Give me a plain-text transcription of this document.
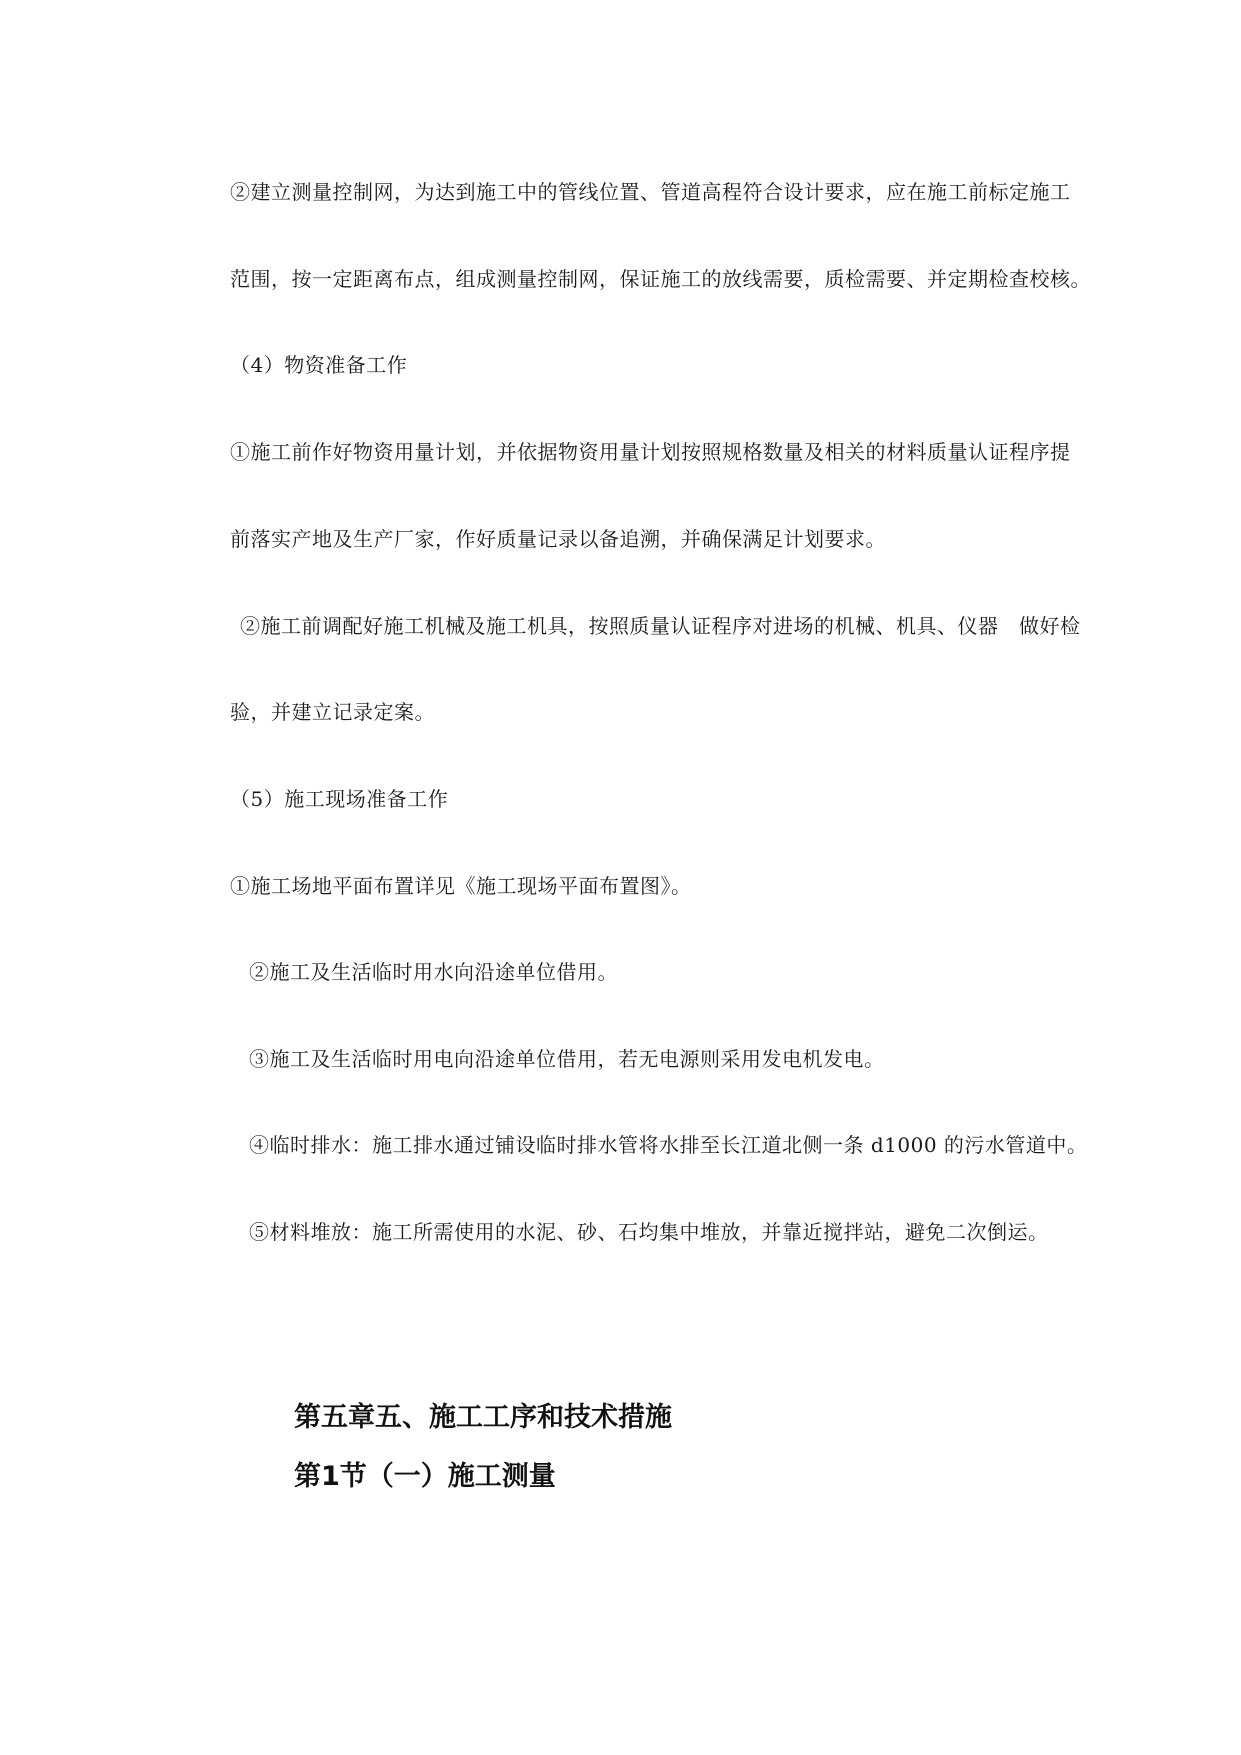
②建立测量控制网，为达到施工中的管线位置、管道高程符合设计要求，应在施工前标定施工
范围，按一定距离布点，组成测量控制网，保证施工的放线需要，质检需要、并定期检查校核。
（4）物资准备工作
①施工前作好物资用量计划，并依据物资用量计划按照规格数量及相关的材料质量认证程序提
前落实产地及生产厂家，作好质量记录以备追溯，并确保满足计划要求。
②施工前调配好施工机械及施工机具，按照质量认证程序对进场的机械、机具、仪器　做好检
验，并建立记录定案。
（5）施工现场准备工作
①施工场地平面布置详见《施工现场平面布置图》。
②施工及生活临时用水向沿途单位借用。
③施工及生活临时用电向沿途单位借用，若无电源则采用发电机发电。
④临时排水：施工排水通过铺设临时排水管将水排至长江道北侧一条 d1000 的污水管道中。
⑤材料堆放：施工所需使用的水泥、砂、石均集中堆放，并靠近搅拌站，避免二次倒运。
第五章五、施工工序和技术措施
第1节（一）施工测量
